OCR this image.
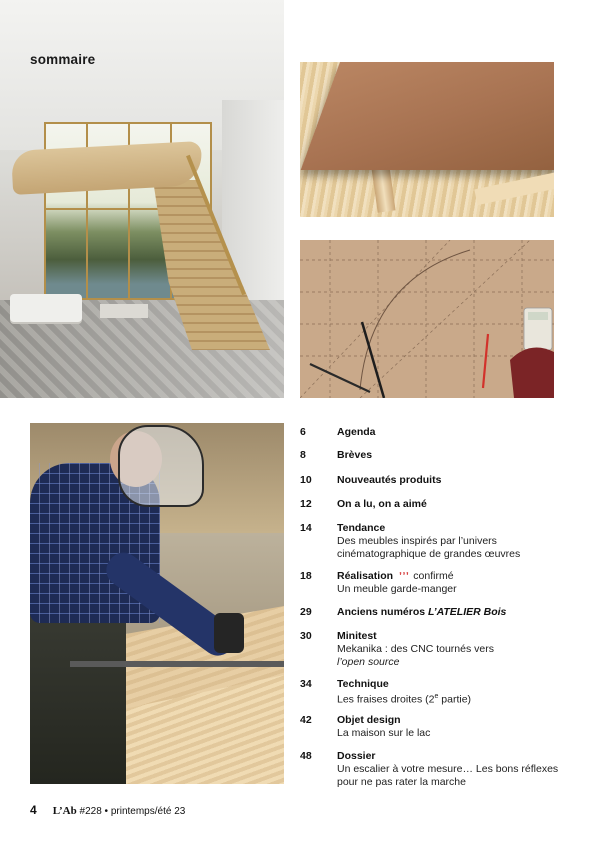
sommaire
6	Agenda
8	Brèves
10 Nouveautés produits
12 On a lu, on a aimé
14 Tendance
Des meubles inspirés par l’univers cinématographique de grandes œuvres
18 Réalisation ʼʼʼ confirmé
Un meuble garde-manger
29 Anciens numéros L’ATELIER Bois
30 Minitest
Mekanika : des CNC tournés vers
l’open source
34 Technique
Les fraises droites (2e partie)
42 Objet design
La maison sur le lac
48 Dossier
Un escalier à votre mesure… Les bons réflexes pour ne pas rater la marche
4 L’Ab #228 • printemps/été 23
